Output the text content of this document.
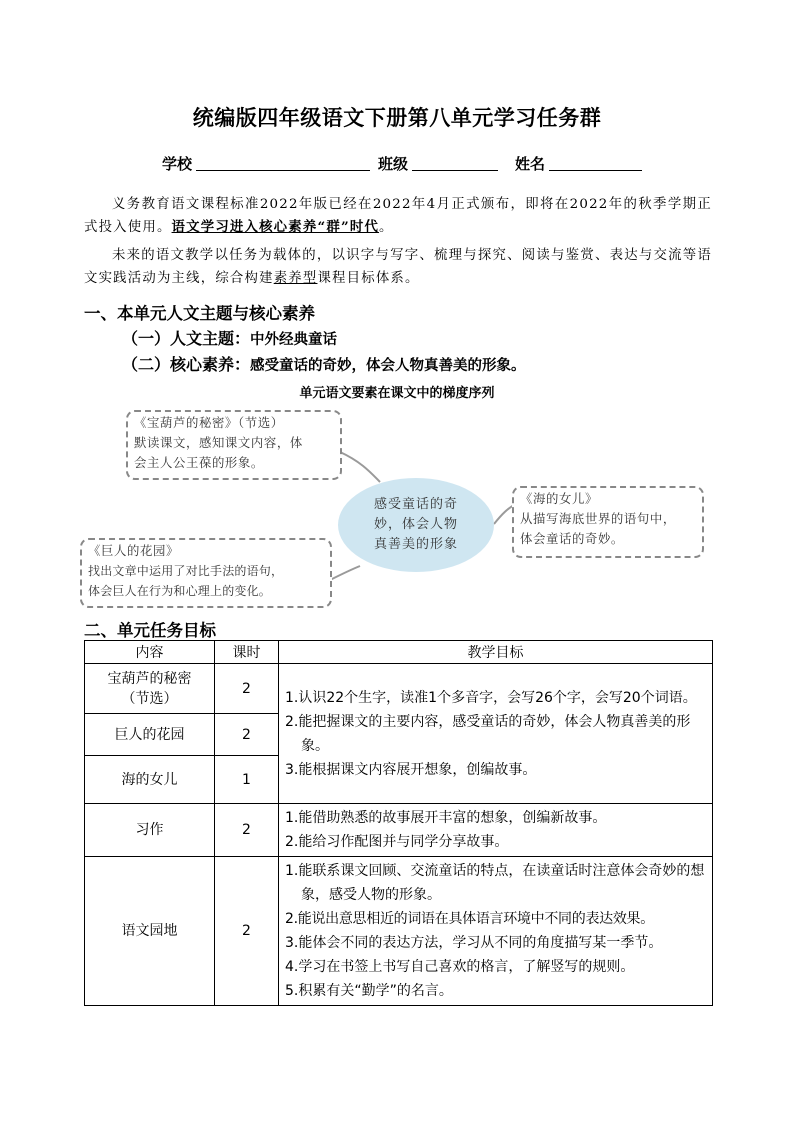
统编版四年级语文下册第八单元学习任务群
学校	班级	姓名
义务教育语文课程标准2022年版已经在2022年4月正式颁布，即将在2022年的秋季学期正式投入使用。语文学习进入核心素养“群”时代。
未来的语文教学以任务为载体的，以识字与写字、梳理与探究、阅读与鉴赏、表达与交流等语文实践活动为主线，综合构建素养型课程目标体系。
一、本单元人文主题与核心素养
（一）人文主题：中外经典童话
（二）核心素养：感受童话的奇妙，体会人物真善美的形象。
单元语文要素在课文中的梯度序列
《宝葫芦的秘密》（节选）
默读课文，感知课文内容，体
会主人公王葆的形象。
感受童话的奇
妙，体会人物
真善美的形象
《海的女儿》
从描写海底世界的语句中，
体会童话的奇妙。
《巨人的花园》
找出文章中运用了对比手法的语句，
体会巨人在行为和心理上的变化。
二、单元任务目标
内容	课时	教学目标

宝葫芦的秘密
（节选）	2	1.认识22个生字，读准1个多音字，会写26个字，会写20个词语。
2.能把握课文的主要内容，感受童话的奇妙，体会人物真善美的形象。
3.能根据课文内容展开想象，创编故事。

巨人的花园	2	
海的女儿	1	
习作	2	1.能借助熟悉的故事展开丰富的想象，创编新故事。
2.能给习作配图并与同学分享故事。

语文园地	2	1.能联系课文回顾、交流童话的特点，在读童话时注意体会奇妙的想象，感受人物的形象。
2.能说出意思相近的词语在具体语言环境中不同的表达效果。
3.能体会不同的表达方法，学习从不同的角度描写某一季节。
4.学习在书签上书写自己喜欢的格言，了解竖写的规则。
5.积累有关“勤学”的名言。
